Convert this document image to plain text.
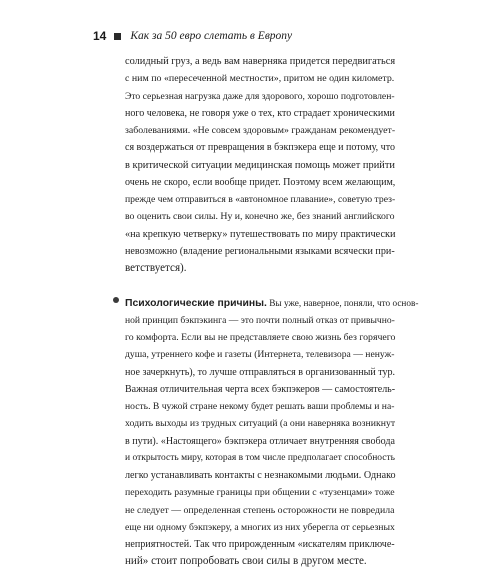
14 Как за 50 евро слетать в Европу
солидный груз, а ведь вам наверняка придется передвигаться
с ним по «пересеченной местности», притом не один километр.
Это серьезная нагрузка даже для здорового, хорошо подготовлен-
ного человека, не говоря уже о тех, кто страдает хроническими
заболеваниями. «Не совсем здоровым» гражданам рекомендует-
ся воздержаться от превращения в бэкпэкера еще и потому, что
в критической ситуации медицинская помощь может прийти
очень не скоро, если вообще придет. Поэтому всем желающим,
прежде чем отправиться в «автономное плавание», советую трез-
во оценить свои силы. Ну и, конечно же, без знаний английского
«на крепкую четверку» путешествовать по миру практически
невозможно (владение региональными языками всячески при-
ветствуется).
Психологические причины. Вы уже, наверное, поняли, что основ-
ной принцип бэкпэкинга — это почти полный отказ от привычно-
го комфорта. Если вы не представляете свою жизнь без горячего
душа, утреннего кофе и газеты (Интернета, телевизора — ненуж-
ное зачеркнуть), то лучше отправляться в организованный тур.
Важная отличительная черта всех бэкпэкеров — самостоятель-
ность. В чужой стране некому будет решать ваши проблемы и на-
ходить выходы из трудных ситуаций (а они наверняка возникнут
в пути). «Настоящего» бэкпэкера отличает внутренняя свобода
и открытость миру, которая в том числе предполагает способность
легко устанавливать контакты с незнакомыми людьми. Однако
переходить разумные границы при общении с «тузенцами» тоже
не следует — определенная степень осторожности не повредила
еще ни одному бэкпэкеру, а многих из них уберегла от серьезных
неприятностей. Так что прирожденным «искателям приключе-
ний» стоит попробовать свои силы в другом месте.
